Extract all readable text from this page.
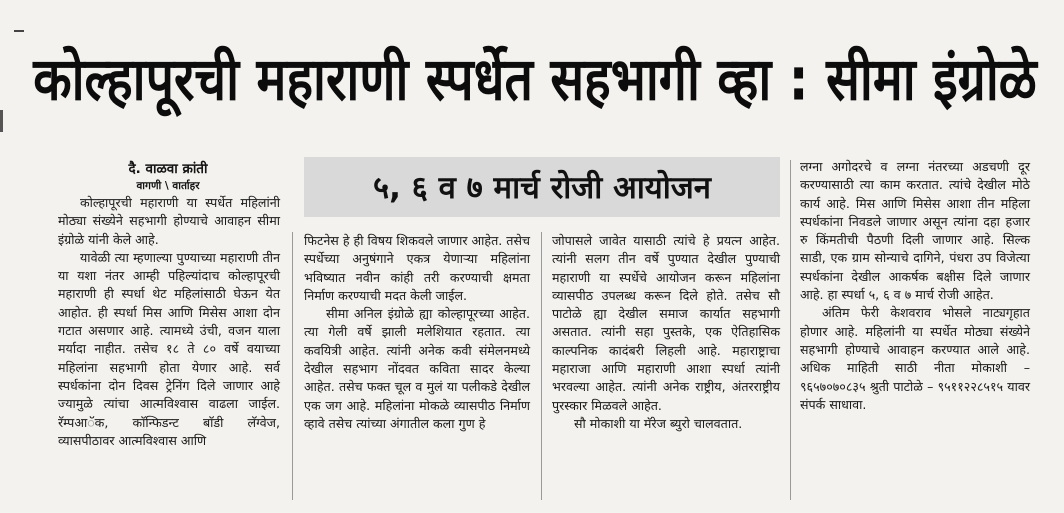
कोल्हापूरची महाराणी स्पर्धेत सहभागी व्हा : सीमा इंग्रोळे
दै. वाळवा क्रांती
वागणी \ वार्ताहर	५, ६ व ७ मार्च रोजी आयोजन

कोल्हापूरची महाराणी या स्पर्धेत महिलांनी मोठ्या संख्येने सहभागी होण्याचे आवाहन सीमा इंग्रोळे यांनी केले आहे.

यावेळी त्या म्हणाल्या पुण्याच्या महाराणी तीन या यशा नंतर आम्ही पहिल्यांदाच कोल्हापूरची महाराणी ही स्पर्धा थेट महिलांसाठी घेऊन येत आहोत. ही स्पर्धा मिस आणि मिसेस आशा दोन गटात असणार आहे. त्यामध्ये उंची, वजन याला मर्यादा नाहीत. तसेच १८ ते ८० वर्षे वयाच्या महिलांना सहभागी होता येणार आहे. सर्व स्पर्धकांना दोन दिवस ट्रेनिंग दिले जाणार आहे ज्यामुळे त्यांचा आत्मविश्वास वाढला जाईल. रॅम्पआॅक, काॅन्फिडन्ट बाॅडी लॅग्वेज, व्यासपीठावर आत्मविश्वास आणि

फिटनेस हे ही विषय शिकवले जाणार आहेत. तसेच स्पर्धेच्या अनुषंगाने एकत्र येणाऱ्या महिलांना भविष्यात नवीन कांही तरी करण्याची क्षमता निर्माण करण्याची मदत केली जाईल.

सीमा अनिल इंग्रोळे ह्या कोल्हापूरच्या आहेत. त्या गेली वर्षे झाली मलेशियात रहतात. त्या कवयित्री आहेत. त्यांनी अनेक कवी संमेलनमध्ये देखील सहभाग नोंदवत कविता सादर केल्या आहेत. तसेच फक्त चूल व मुलं या पलीकडे देखील एक जग आहे. महिलांना मोकळे व्यासपीठ निर्माण व्हावे तसेच त्यांच्या अंगातील कला गुण हे

जोपासले जावेत यासाठी त्यांचे हे प्रयत्न आहेत. त्यांनी सलग तीन वर्षे पुण्यात देखील पुण्याची महाराणी या स्पर्धेचे आयोजन करून महिलांना व्यासपीठ उपलब्ध करून दिले होते. तसेच सौ पाटोळे ह्या देखील समाज कार्यात सहभागी असतात. त्यांनी सहा पुस्तके, एक ऐतिहासिक काल्पनिक कादंबरी लिहली आहे. महाराष्ट्राचा महाराजा आणि महाराणी आशा स्पर्धा त्यांनी भरवल्या आहेत. त्यांनी अनेक राष्ट्रीय, अंतरराष्ट्रीय पुरस्कार मिळवले आहेत.

सौ मोकाशी या मॅरेज ब्युरो चालवतात.

लग्ना अगोदरचे व लग्ना नंतरच्या अडचणी दूर करण्यासाठी त्या काम करतात. त्यांचे देखील मोठे कार्य आहे. मिस आणि मिसेस आशा तीन महिला स्पर्धकांना निवडले जाणार असून त्यांना दहा हजार रु किंमतीची पैठणी दिली जाणार आहे. सिल्क साडी, एक ग्राम सोन्याचे दागिने, पंधरा उप विजेत्या स्पर्धकांना देखील आकर्षक बक्षीस दिले जाणार आहे. हा स्पर्धा ५, ६ व ७ मार्च रोजी आहेत.

अंतिम फेरी केशवराव भोसले नाट्यगृहात होणार आहे. महिलांनी या स्पर्धेत मोठ्या संख्येने सहभागी होण्याचे आवाहन करण्यात आले आहे. अधिक माहिती साठी नीता मोकाशी – ९६५७०७०८३५ श्रुती पाटोळे – ९५११२२८५१५ यावर संपर्क साधावा.
